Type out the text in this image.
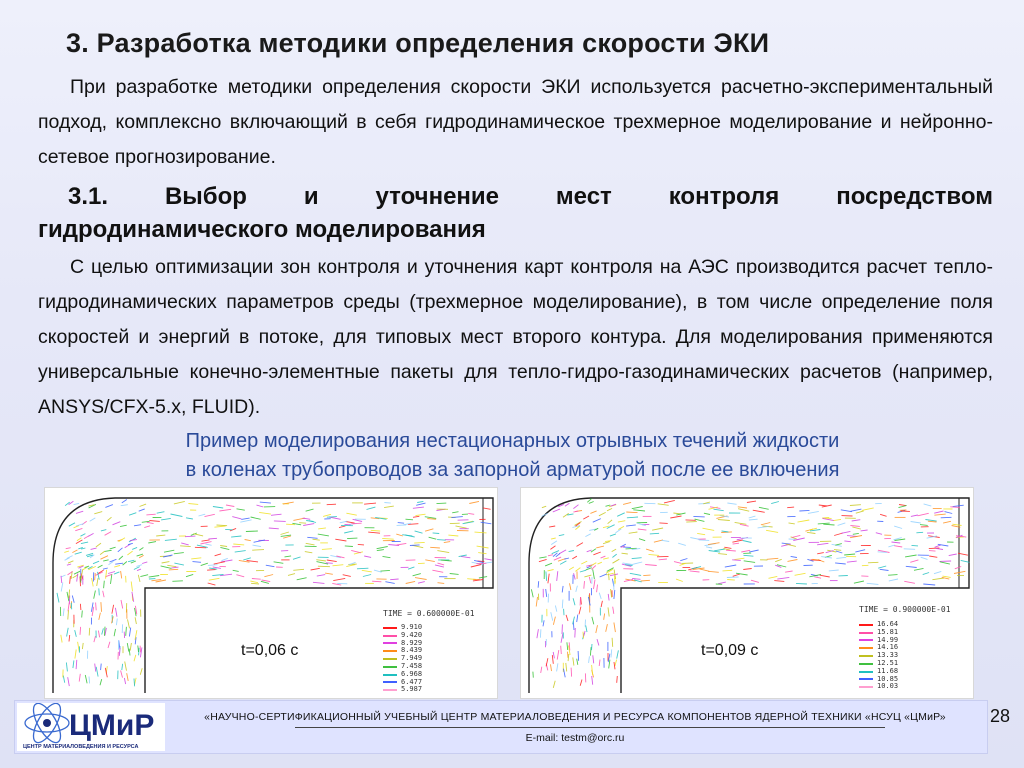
3. Разработка методики определения скорости ЭКИ
При разработке методики определения скорости ЭКИ используется расчетно-экспериментальный подход, комплексно включающий в себя гидродинамическое трехмерное моделирование и нейронно-сетевое прогнозирование.
3.1. Выбор и уточнение мест контроля посредством
гидродинамического моделирования
С целью оптимизации зон контроля и уточнения карт контроля на АЭС производится расчет тепло-гидродинамических параметров среды (трехмерное моделирование), в том числе определение поля скоростей и энергий в потоке, для типовых мест второго контура. Для моделирования применяются универсальные конечно-элементные пакеты для тепло-гидро-газодинамических расчетов (например, ANSYS/CFX-5.x, FLUID).
Пример моделирования нестационарных отрывных течений жидкости
в коленах трубопроводов за запорной арматурой после ее включения
TIME = 0.600000E-01
9.910
9.420
8.929
8.439
7.949
7.458
6.968
6.477
5.987
t=0,06 с
TIME = 0.900000E-01
16.64
15.81
14.99
14.16
13.33
12.51
11.68
10.85
10.03
t=0,09 с
ЦМиР
ЦЕНТР МАТЕРИАЛОВЕДЕНИЯ И РЕСУРСА
«НАУЧНО-СЕРТИФИКАЦИОННЫЙ УЧЕБНЫЙ ЦЕНТР МАТЕРИАЛОВЕДЕНИЯ И РЕСУРСА КОМПОНЕНТОВ ЯДЕРНОЙ ТЕХНИКИ «НСУЦ «ЦМиР»
E-mail: testm@orc.ru
28
